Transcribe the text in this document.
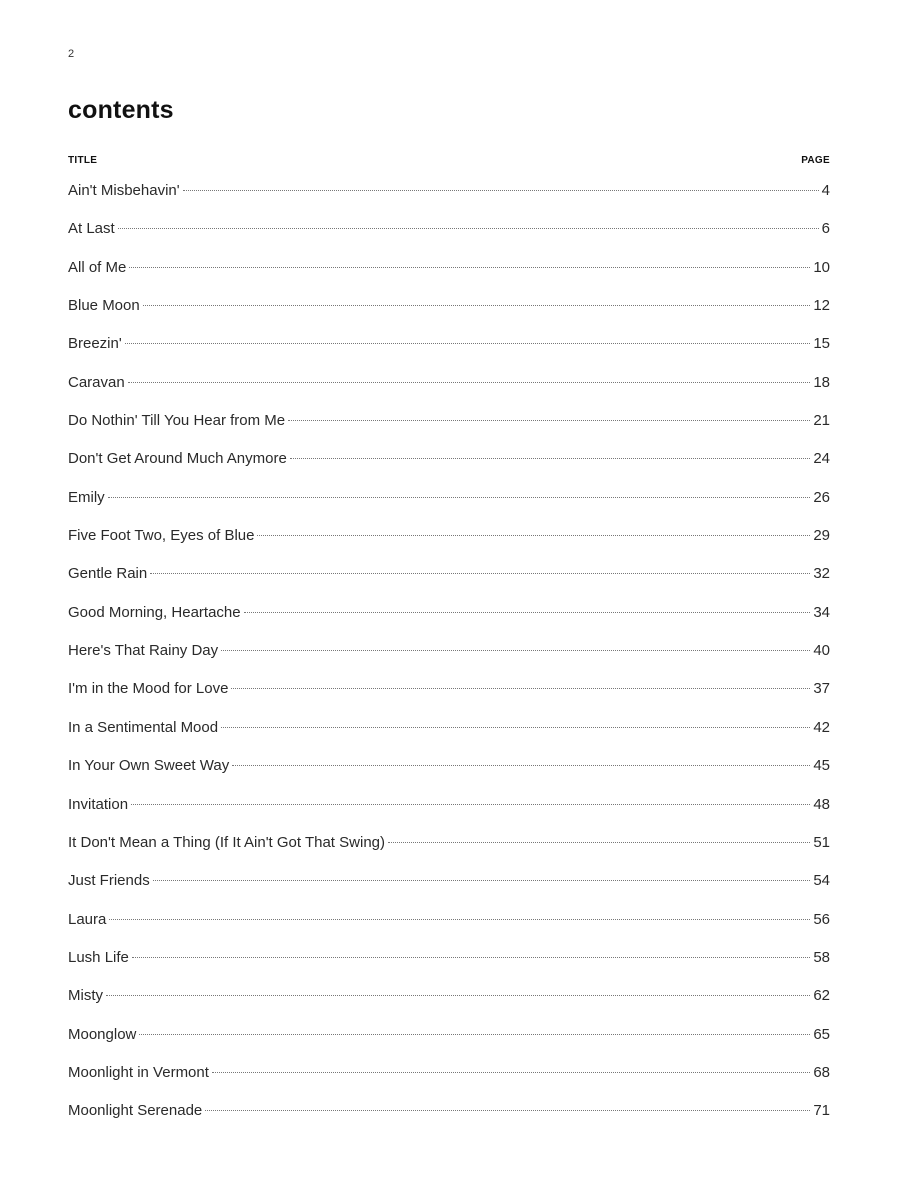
2
contents
TITLE	PAGE
Ain't Misbehavin'	4
At Last	6
All of Me	10
Blue Moon	12
Breezin'	15
Caravan	18
Do Nothin' Till You Hear from Me	21
Don't Get Around Much Anymore	24
Emily	26
Five Foot Two, Eyes of Blue	29
Gentle Rain	32
Good Morning, Heartache	34
Here's That Rainy Day	40
I'm in the Mood for Love	37
In a Sentimental Mood	42
In Your Own Sweet Way	45
Invitation	48
It Don't Mean a Thing (If It Ain't Got That Swing)	51
Just Friends	54
Laura	56
Lush Life	58
Misty	62
Moonglow	65
Moonlight in Vermont	68
Moonlight Serenade	71
